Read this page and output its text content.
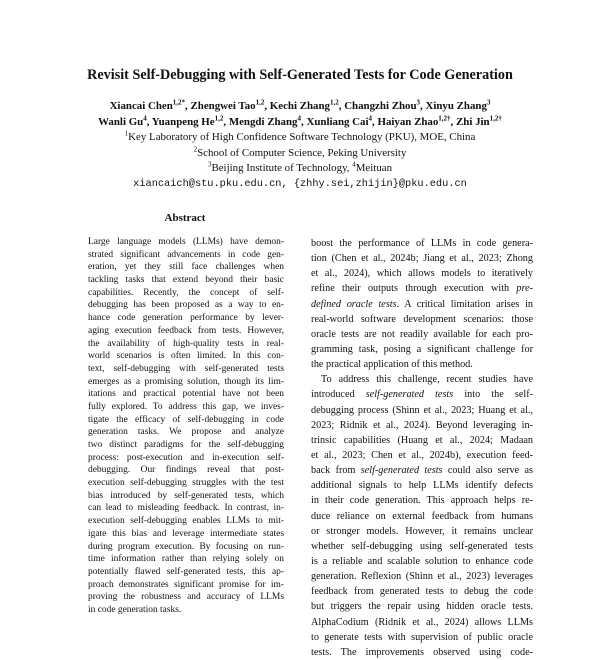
Revisit Self-Debugging with Self-Generated Tests for Code Generation
Xiancai Chen$^{1,2*}$, Zhengwei Tao$^{1,2}$, Kechi Zhang$^{1,2}$, Changzhi Zhou$^3$, Xinyu Zhang$^3$
Wanli Gu$^4$, Yuanpeng He$^{1,2}$, Mengdi Zhang$^4$, Xunliang Cai$^4$, Haiyan Zhao$^{1,2\dagger}$, Zhi Jin$^{1,2\dagger}$
$^1$Key Laboratory of High Confidence Software Technology (PKU), MOE, China
$^2$School of Computer Science, Peking University
$^3$Beijing Institute of Technology, $^4$Meituan
xiancaich@stu.pku.edu.cn, {zhhy.sei,zhijin}@pku.edu.cn
Abstract
Large language models (LLMs) have demon-
strated significant advancements in code gen-
eration, yet they still face challenges when
tackling tasks that extend beyond their basic
capabilities. Recently, the concept of self-
debugging has been proposed as a way to en-
hance code generation performance by lever-
aging execution feedback from tests. However,
the availability of high-quality tests in real-
world scenarios is often limited. In this con-
text, self-debugging with self-generated tests
emerges as a promising solution, though its lim-
itations and practical potential have not been
fully explored. To address this gap, we inves-
tigate the efficacy of self-debugging in code
generation tasks. We propose and analyze
two distinct paradigms for the self-debugging
process: post-execution and in-execution self-
debugging. Our findings reveal that post-
execution self-debugging struggles with the test
bias introduced by self-generated tests, which
can lead to misleading feedback. In contrast, in-
execution self-debugging enables LLMs to mit-
igate this bias and leverage intermediate states
during program execution. By focusing on run-
time information rather than relying solely on
potentially flawed self-generated tests, this ap-
proach demonstrates significant promise for im-
proving the robustness and accuracy of LLMs
in code generation tasks.
boost the performance of LLMs in code genera-
tion (Chen et al., 2024b; Jiang et al., 2023; Zhong
et al., 2024), which allows models to iteratively
refine their outputs through execution with pre-
defined oracle tests. A critical limitation arises in
real-world software development scenarios: those
oracle tests are not readily available for each pro-
gramming task, posing a significant challenge for
the practical application of this method.
To address this challenge, recent studies have
introduced self-generated tests into the self-
debugging process (Shinn et al., 2023; Huang et al.,
2023; Ridnik et al., 2024). Beyond leveraging in-
trinsic capabilities (Huang et al., 2024; Madaan
et al., 2023; Chen et al., 2024b), execution feed-
back from self-generated tests could also serve as
additional signals to help LLMs identify defects
in their code generation. This approach helps re-
duce reliance on external feedback from humans
or stronger models. However, it remains unclear
whether self-debugging using self-generated tests
is a reliable and scalable solution to enhance code
generation. Reflexion (Shinn et al., 2023) leverages
feedback from generated tests to debug the code
but triggers the repair using hidden oracle tests.
AlphaCodium (Ridnik et al., 2024) allows LLMs
to generate tests with supervision of public oracle
tests. The improvements observed using code-
